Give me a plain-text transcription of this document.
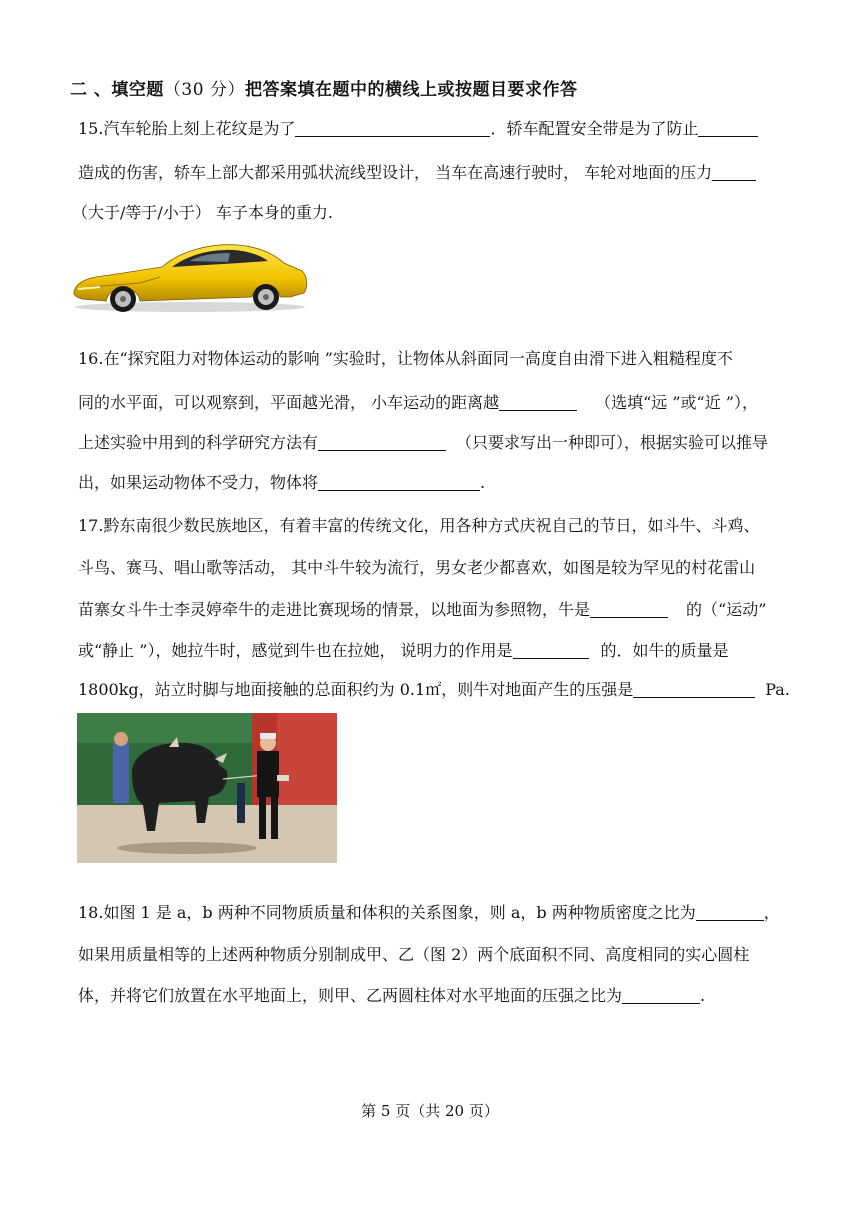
二 、填空题（30 分）把答案填在题中的横线上或按题目要求作答
15.汽车轮胎上刻上花纹是为了	．轿车配置安全带是为了防止
造成的伤害，轿车上部大都采用弧状流线型设计， 当车在高速行驶时， 车轮对地面的压力
（大于/等于/小于） 车子本身的重力.
16.在“探究阻力对物体运动的影响 ”实验时，让物体从斜面同一高度自由滑下进入粗糙程度不
同的水平面，可以观察到，平面越光滑， 小车运动的距离越	（选填“远 ”或“近 ”），
上述实验中用到的科学研究方法有	（只要求写出一种即可），根据实验可以推导
出，如果运动物体不受力，物体将	.
17.黔东南很少数民族地区，有着丰富的传统文化，用各种方式庆祝自己的节日，如斗牛、斗鸡、
斗鸟、赛马、唱山歌等活动， 其中斗牛较为流行，男女老少都喜欢，如图是较为罕见的村花雷山
苗寨女斗牛士李灵婷牵牛的走进比赛现场的情景，以地面为参照物，牛是	的（“运动”
或“静止 ”），她拉牛时，感觉到牛也在拉她， 说明力的作用是	的．如牛的质量是
1800kg，站立时脚与地面接触的总面积约为 0.1㎡，则牛对地面产生的压强是	Pa.
18.如图 1 是 a，b 两种不同物质质量和体积的关系图象，则 a，b 两种物质密度之比为	，
如果用质量相等的上述两种物质分别制成甲、乙（图 2）两个底面积不同、高度相同的实心圆柱
体，并将它们放置在水平地面上，则甲、乙两圆柱体对水平地面的压强之比为	.
第 5 页（共 20 页）
